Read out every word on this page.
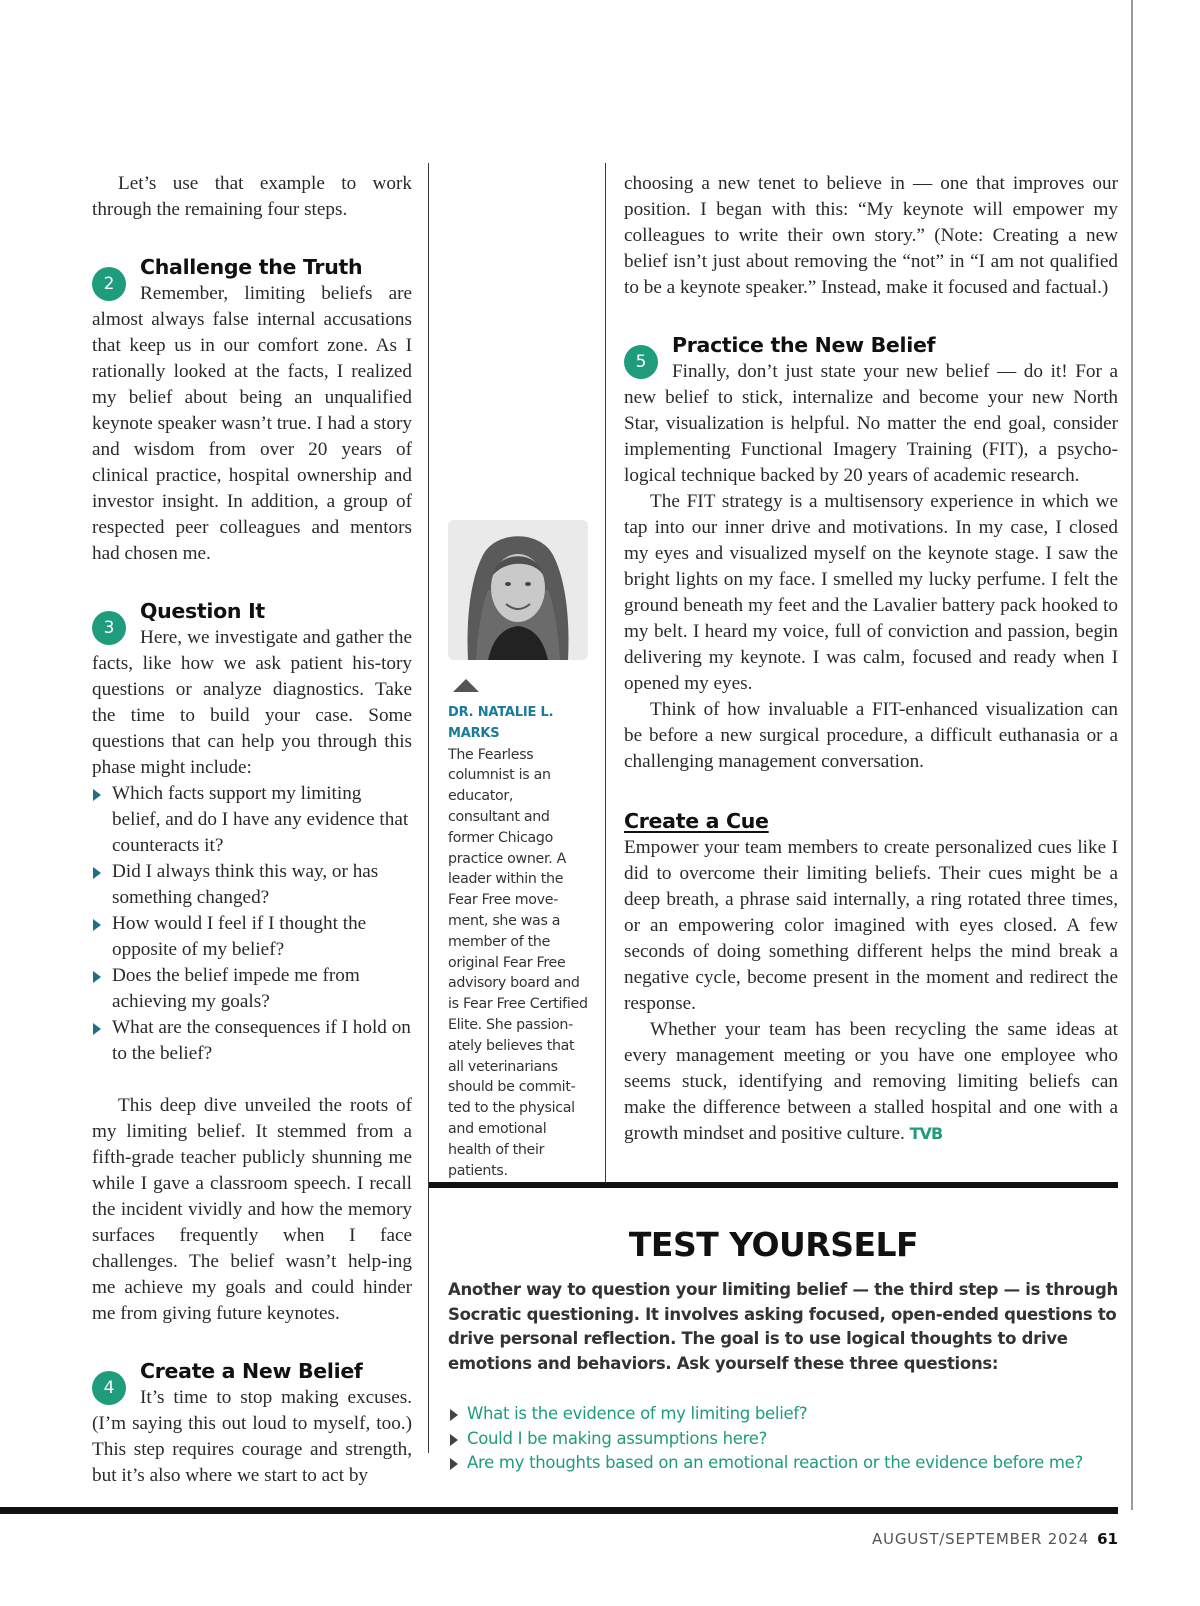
Let’s use that example to work through the remaining four steps.

2
Challenge the Truth

Remember, limiting beliefs are almost always false internal accusations that keep us in our comfort zone. As I rationally looked at the facts, I realized my belief about being an unqualified keynote speaker wasn’t true. I had a story and wisdom from over 20 years of clinical practice, hospital ownership and investor insight. In addition, a group of respected peer colleagues and mentors had chosen me.

3
Question It

Here, we investigate and gather the facts, like how we ask patient his-tory questions or analyze diagnostics. Take the time to build your case. Some questions that can help you through this phase might include:

Which facts support my limiting belief, and do I have any evidence that counteracts it?
Did I always think this way, or has something changed?
How would I feel if I thought the opposite of my belief?
Does the belief impede me from achieving my goals?
What are the consequences if I hold on to the belief?

This deep dive unveiled the roots of my limiting belief. It stemmed from a fifth-grade teacher publicly shunning me while I gave a classroom speech. I recall the incident vividly and how the memory surfaces frequently when I face challenges. The belief wasn’t help-ing me achieve my goals and could hinder me from giving future keynotes.

4
Create a New Belief

It’s time to stop making excuses. (I’m saying this out loud to myself, too.) This step requires courage and strength, but it’s also where we start to act by

DR. NATALIE L. MARKS
The Fearless columnist is an educator, consultant and former Chicago practice owner. A leader within the Fear Free move-ment, she was a member of the original Fear Free advisory board and is Fear Free Certified Elite. She passion-ately believes that all veterinarians should be commit-ted to the physical and emotional health of their patients.

choosing a new tenet to believe in — one that improves our position. I began with this: “My keynote will empower my colleagues to write their own story.” (Note: Creating a new belief isn’t just about removing the “not” in “I am not qualified to be a keynote speaker.” Instead, make it focused and factual.)

5
Practice the New Belief

Finally, don’t just state your new belief — do it! For a new belief to stick, internalize and become your new North Star, visualization is helpful. No matter the end goal, consider implementing Functional Imagery Training (FIT), a psycho-logical technique backed by 20 years of academic research.

The FIT strategy is a multisensory experience in which we tap into our inner drive and motivations. In my case, I closed my eyes and visualized myself on the keynote stage. I saw the bright lights on my face. I smelled my lucky perfume. I felt the ground beneath my feet and the Lavalier battery pack hooked to my belt. I heard my voice, full of conviction and passion, begin delivering my keynote. I was calm, focused and ready when I opened my eyes.

Think of how invaluable a FIT-enhanced visualization can be before a new surgical procedure, a difficult euthanasia or a challenging management conversation.

Create a Cue

Empower your team members to create personalized cues like I did to overcome their limiting beliefs. Their cues might be a deep breath, a phrase said internally, a ring rotated three times, or an empowering color imagined with eyes closed. A few seconds of doing something different helps the mind break a negative cycle, become present in the moment and redirect the response.

Whether your team has been recycling the same ideas at every management meeting or you have one employee who seems stuck, identifying and removing limiting beliefs can make the difference between a stalled hospital and one with a growth mindset and positive culture. TVB

TEST YOURSELF
Another way to question your limiting belief — the third step — is through Socratic questioning. It involves asking focused, open-ended questions to drive personal reflection. The goal is to use logical thoughts to drive emotions and behaviors. Ask yourself these three questions:
What is the evidence of my limiting belief?
Could I be making assumptions here?
Are my thoughts based on an emotional reaction or the evidence before me?
AUGUST/SEPTEMBER 2024 61
